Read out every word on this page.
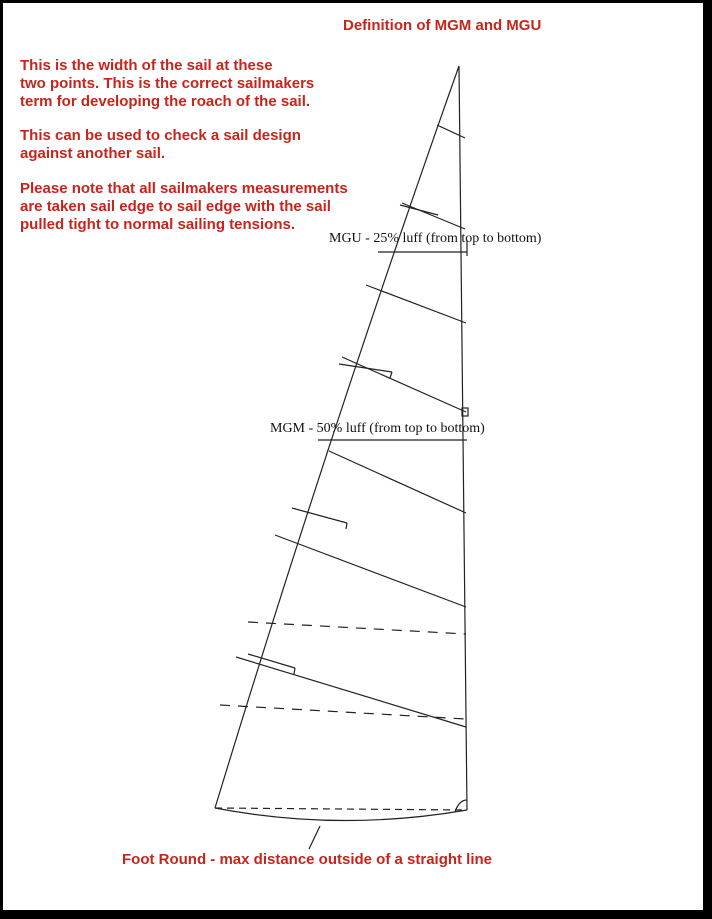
Definition of MGM and MGU

This is the width of the sail at these
two points. This is the correct sailmakers
term for developing the roach of the sail.

This can be used to check a sail design
against another sail.

Please note that all sailmakers measurements
are taken sail edge to sail edge with the sail
pulled tight to normal sailing tensions.

MGU - 25% luff (from top to bottom)
MGM - 50% luff (from top to bottom)
Foot Round - max distance outside of a straight line
